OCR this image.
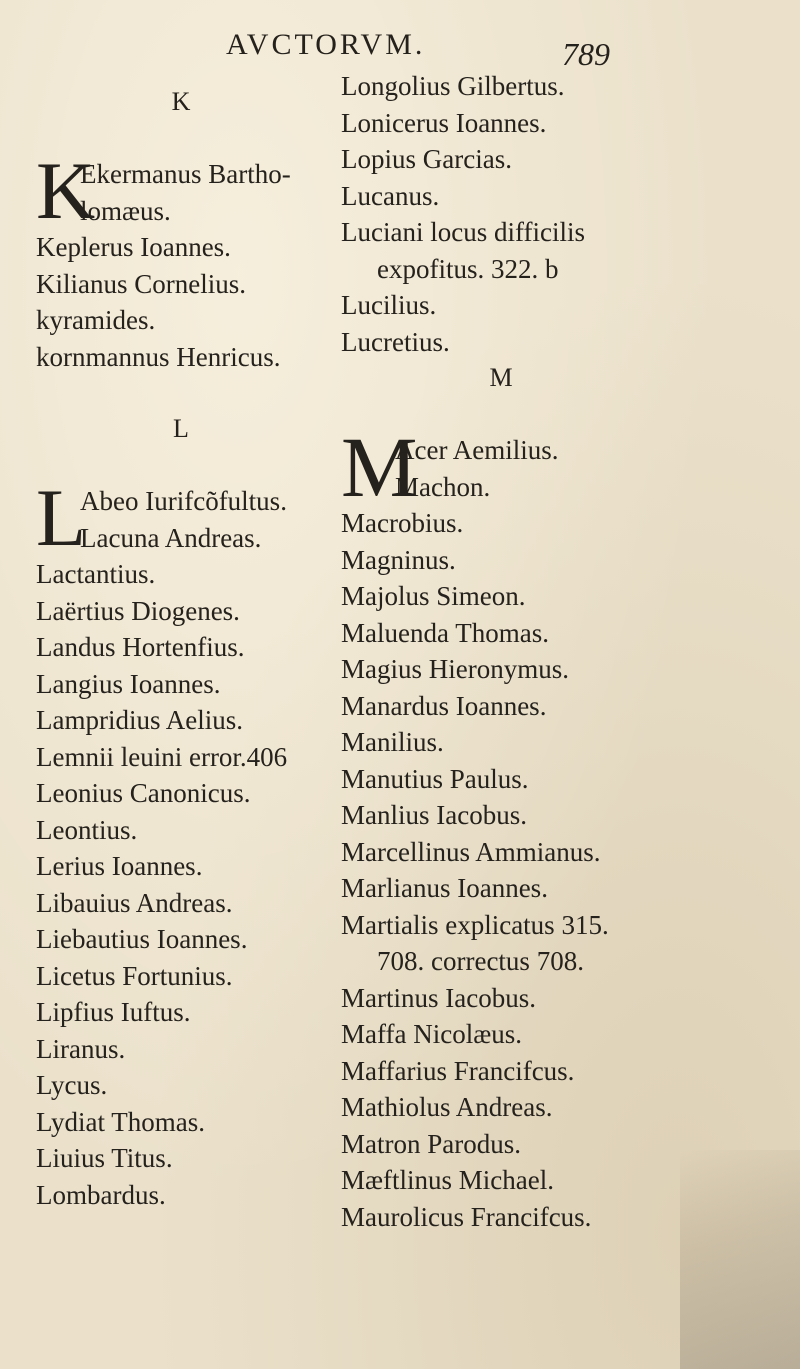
AVCTORVM.	789
K
K
Ekermanus Bartho-
lomæus.
Keplerus Ioannes.
Kilianus Cornelius.
kyramides.
kornmannus Henricus.
L
L
Abeo Iurifcõfultus.
Lacuna Andreas.
Lactantius.
Laërtius Diogenes.
Landus Hortenfius.
Langius Ioannes.
Lampridius Aelius.
Lemnii leuini error.406
Leonius Canonicus.
Leontius.
Lerius Ioannes.
Libauius Andreas.
Liebautius Ioannes.
Licetus Fortunius.
Lipfius Iuftus.
Liranus.
Lycus.
Lydiat Thomas.
Liuius Titus.
Lombardus.
Longolius Gilbertus.
Lonicerus Ioannes.
Lopius Garcias.
Lucanus.
Luciani locus difficilis
expofitus. 322. b
Lucilius.
Lucretius.
M
M
Acer Aemilius.
Machon.
Macrobius.
Magninus.
Majolus Simeon.
Maluenda Thomas.
Magius Hieronymus.
Manardus Ioannes.
Manilius.
Manutius Paulus.
Manlius Iacobus.
Marcellinus Ammianus.
Marlianus Ioannes.
Martialis explicatus 315.
708. correctus 708.
Martinus Iacobus.
Maffa Nicolæus.
Maffarius Francifcus.
Mathiolus Andreas.
Matron Parodus.
Mæftlinus Michael.
Maurolicus Francifcus.
